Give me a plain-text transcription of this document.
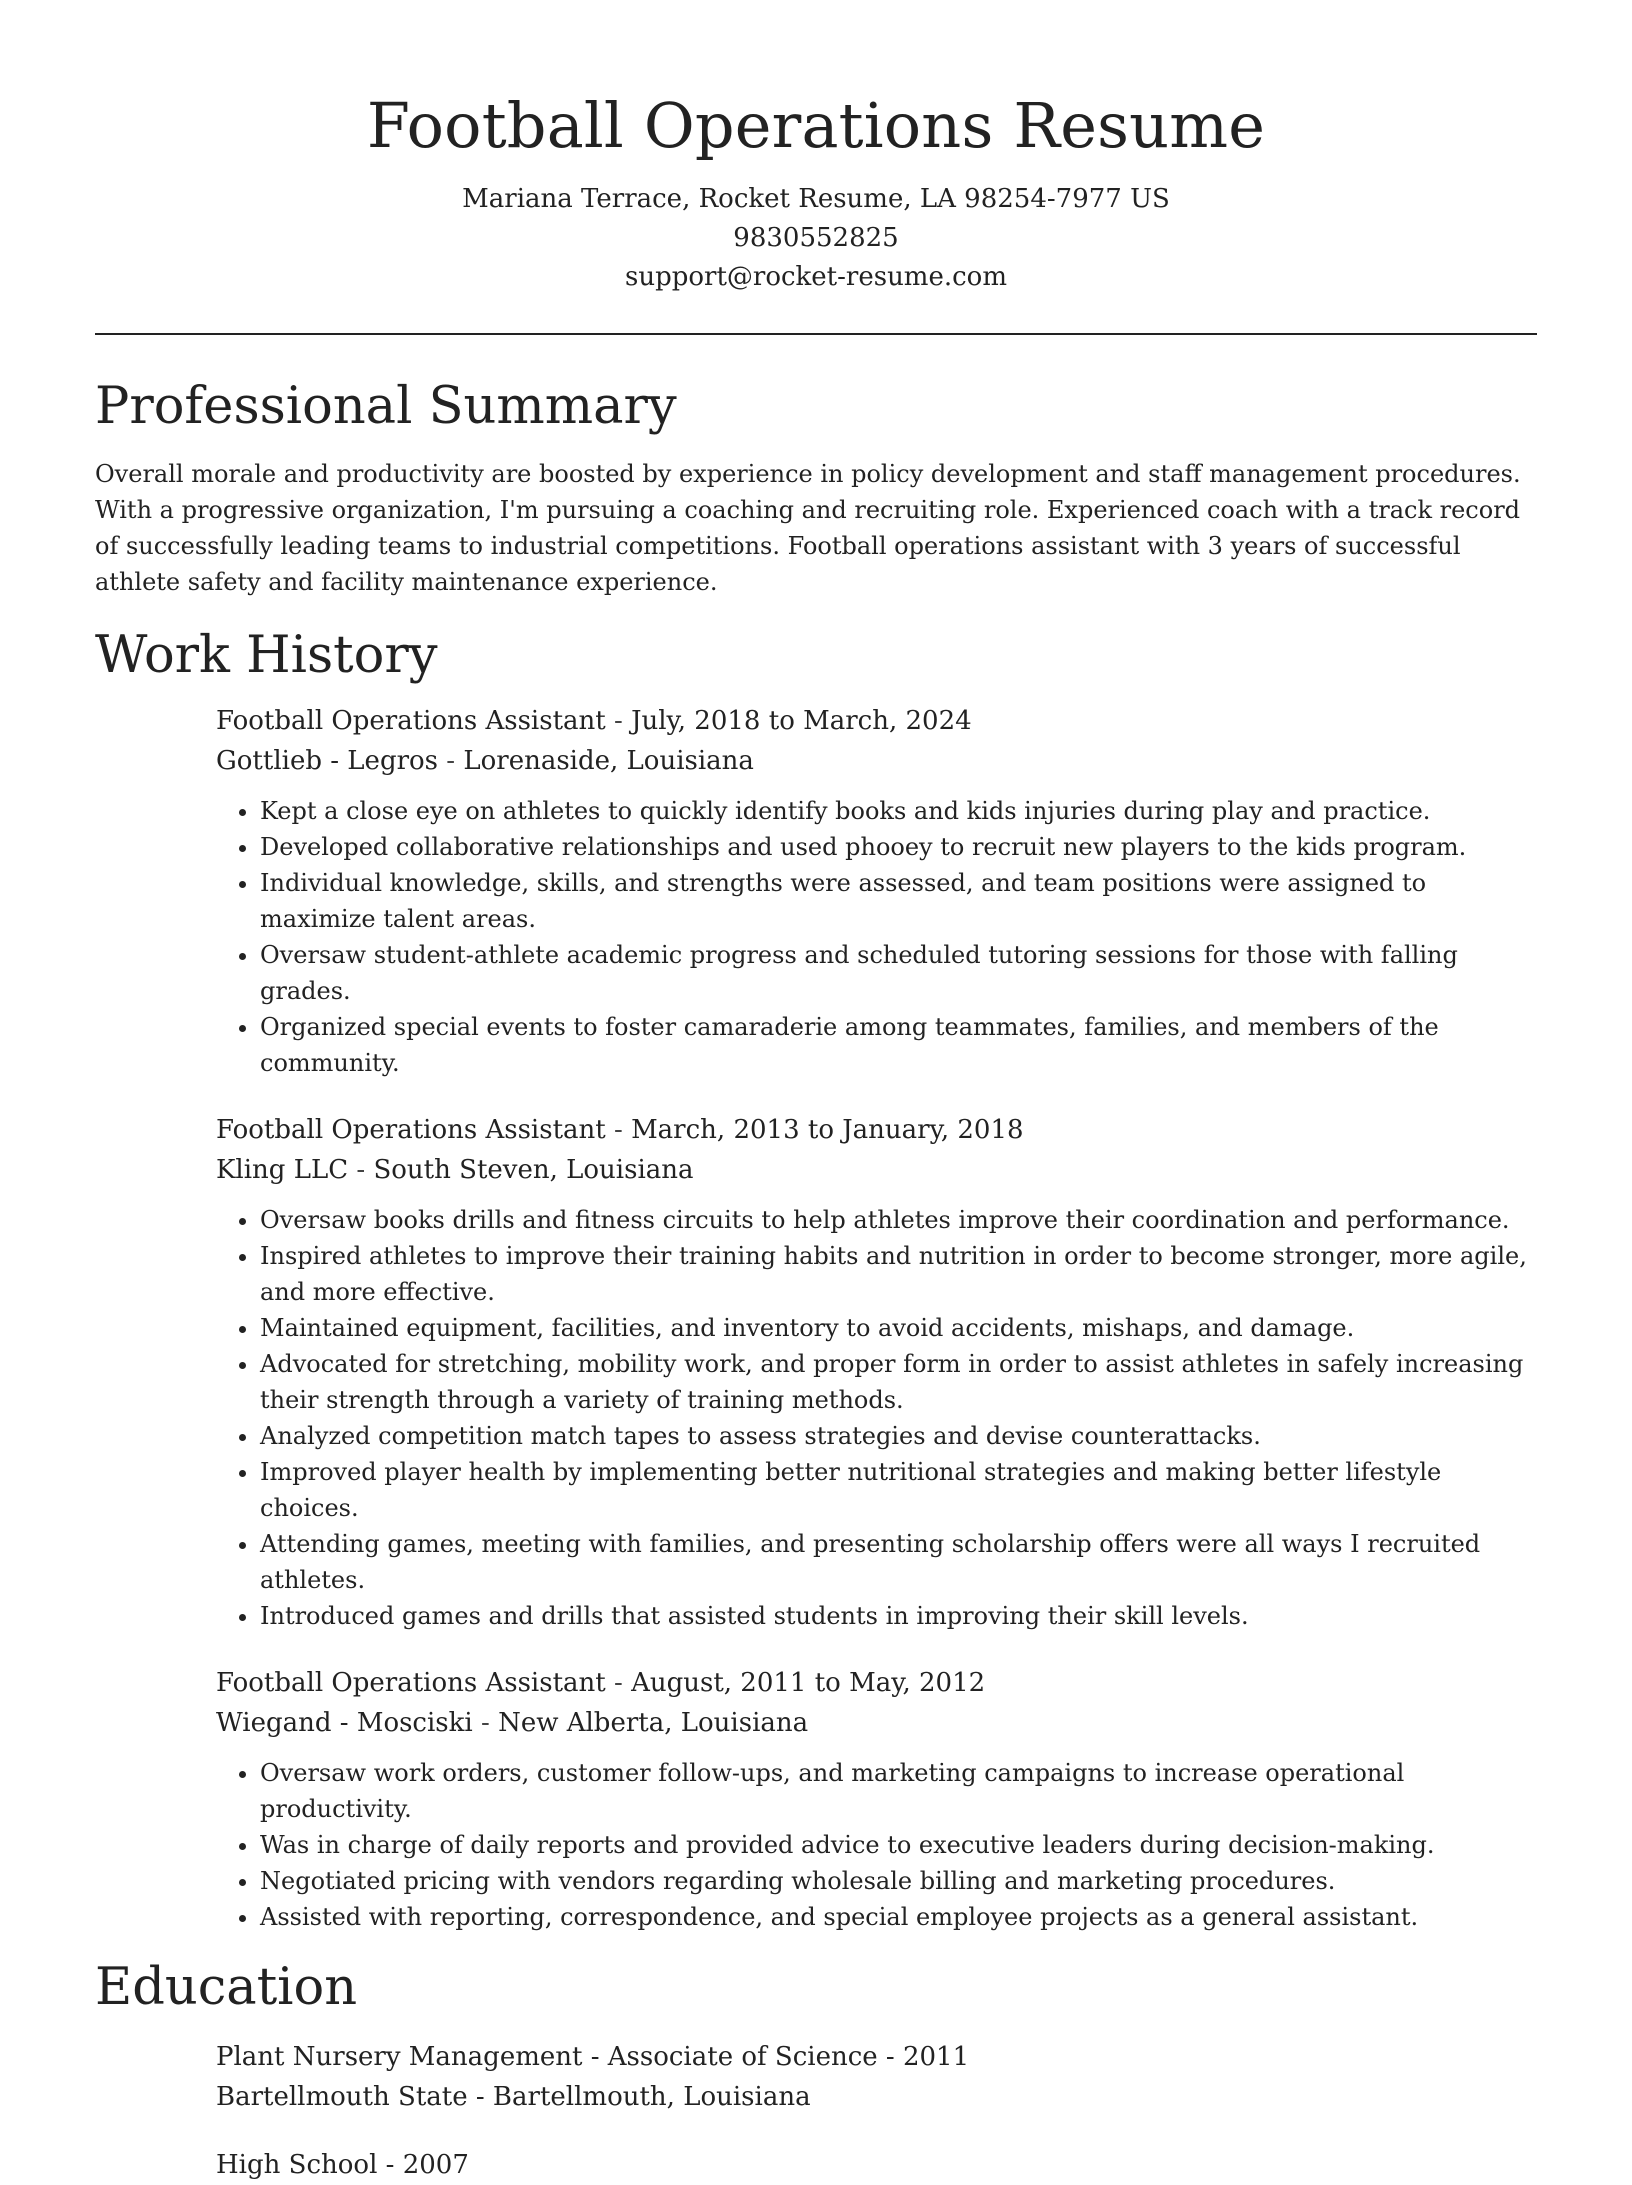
Football Operations Resume

Mariana Terrace, Rocket Resume, LA 98254-7977 US

9830552825

support@rocket-resume.com

Professional Summary

Overall morale and productivity are boosted by experience in policy development and staff management procedures. With a progressive organization, I'm pursuing a coaching and recruiting role. Experienced coach with a track record of successfully leading teams to industrial competitions. Football operations assistant with 3 years of successful athlete safety and facility maintenance experience.

Work History

Football Operations Assistant - July, 2018 to March, 2024

Gottlieb - Legros - Lorenaside, Louisiana

• Kept a close eye on athletes to quickly identify books and kids injuries during play and practice.
• Developed collaborative relationships and used phooey to recruit new players to the kids program.
• Individual knowledge, skills, and strengths were assessed, and team positions were assigned to maximize talent areas.
• Oversaw student-athlete academic progress and scheduled tutoring sessions for those with falling grades.
• Organized special events to foster camaraderie among teammates, families, and members of the community.

Football Operations Assistant - March, 2013 to January, 2018

Kling LLC - South Steven, Louisiana

• Oversaw books drills and fitness circuits to help athletes improve their coordination and performance.
• Inspired athletes to improve their training habits and nutrition in order to become stronger, more agile, and more effective.
• Maintained equipment, facilities, and inventory to avoid accidents, mishaps, and damage.
• Advocated for stretching, mobility work, and proper form in order to assist athletes in safely increasing their strength through a variety of training methods.
• Analyzed competition match tapes to assess strategies and devise counterattacks.
• Improved player health by implementing better nutritional strategies and making better lifestyle choices.
• Attending games, meeting with families, and presenting scholarship offers were all ways I recruited athletes.
• Introduced games and drills that assisted students in improving their skill levels.

Football Operations Assistant - August, 2011 to May, 2012

Wiegand - Mosciski - New Alberta, Louisiana

• Oversaw work orders, customer follow-ups, and marketing campaigns to increase operational productivity.
• Was in charge of daily reports and provided advice to executive leaders during decision-making.
• Negotiated pricing with vendors regarding wholesale billing and marketing procedures.
• Assisted with reporting, correspondence, and special employee projects as a general assistant.
Education

Plant Nursery Management - Associate of Science - 2011

Bartellmouth State - Bartellmouth, Louisiana

High School - 2007
